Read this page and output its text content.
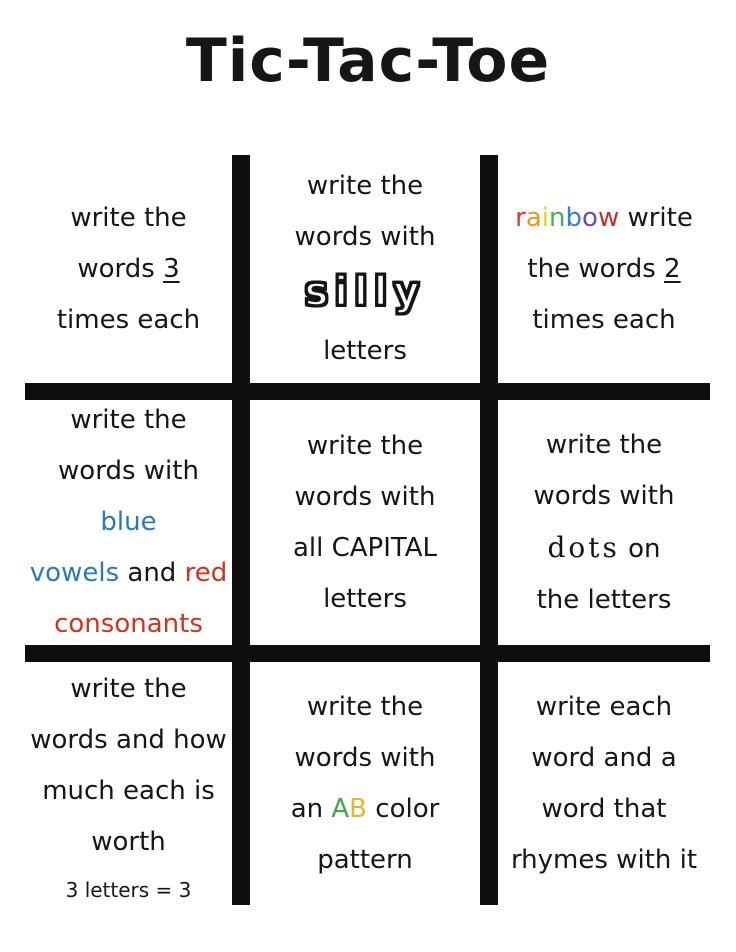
Tic-Tac-Toe
write the
words 3
times each
write the
words with
silly
letters
rainbow write
the words 2
times each
write the
words with blue
vowels and red
consonants
write the
words with
all CAPITAL
letters
write the
words with
dots on
the letters
write the
words and how
much each is
worth
3 letters = 3
write the
words with
an AB color
pattern
write each
word and a
word that
rhymes with it
